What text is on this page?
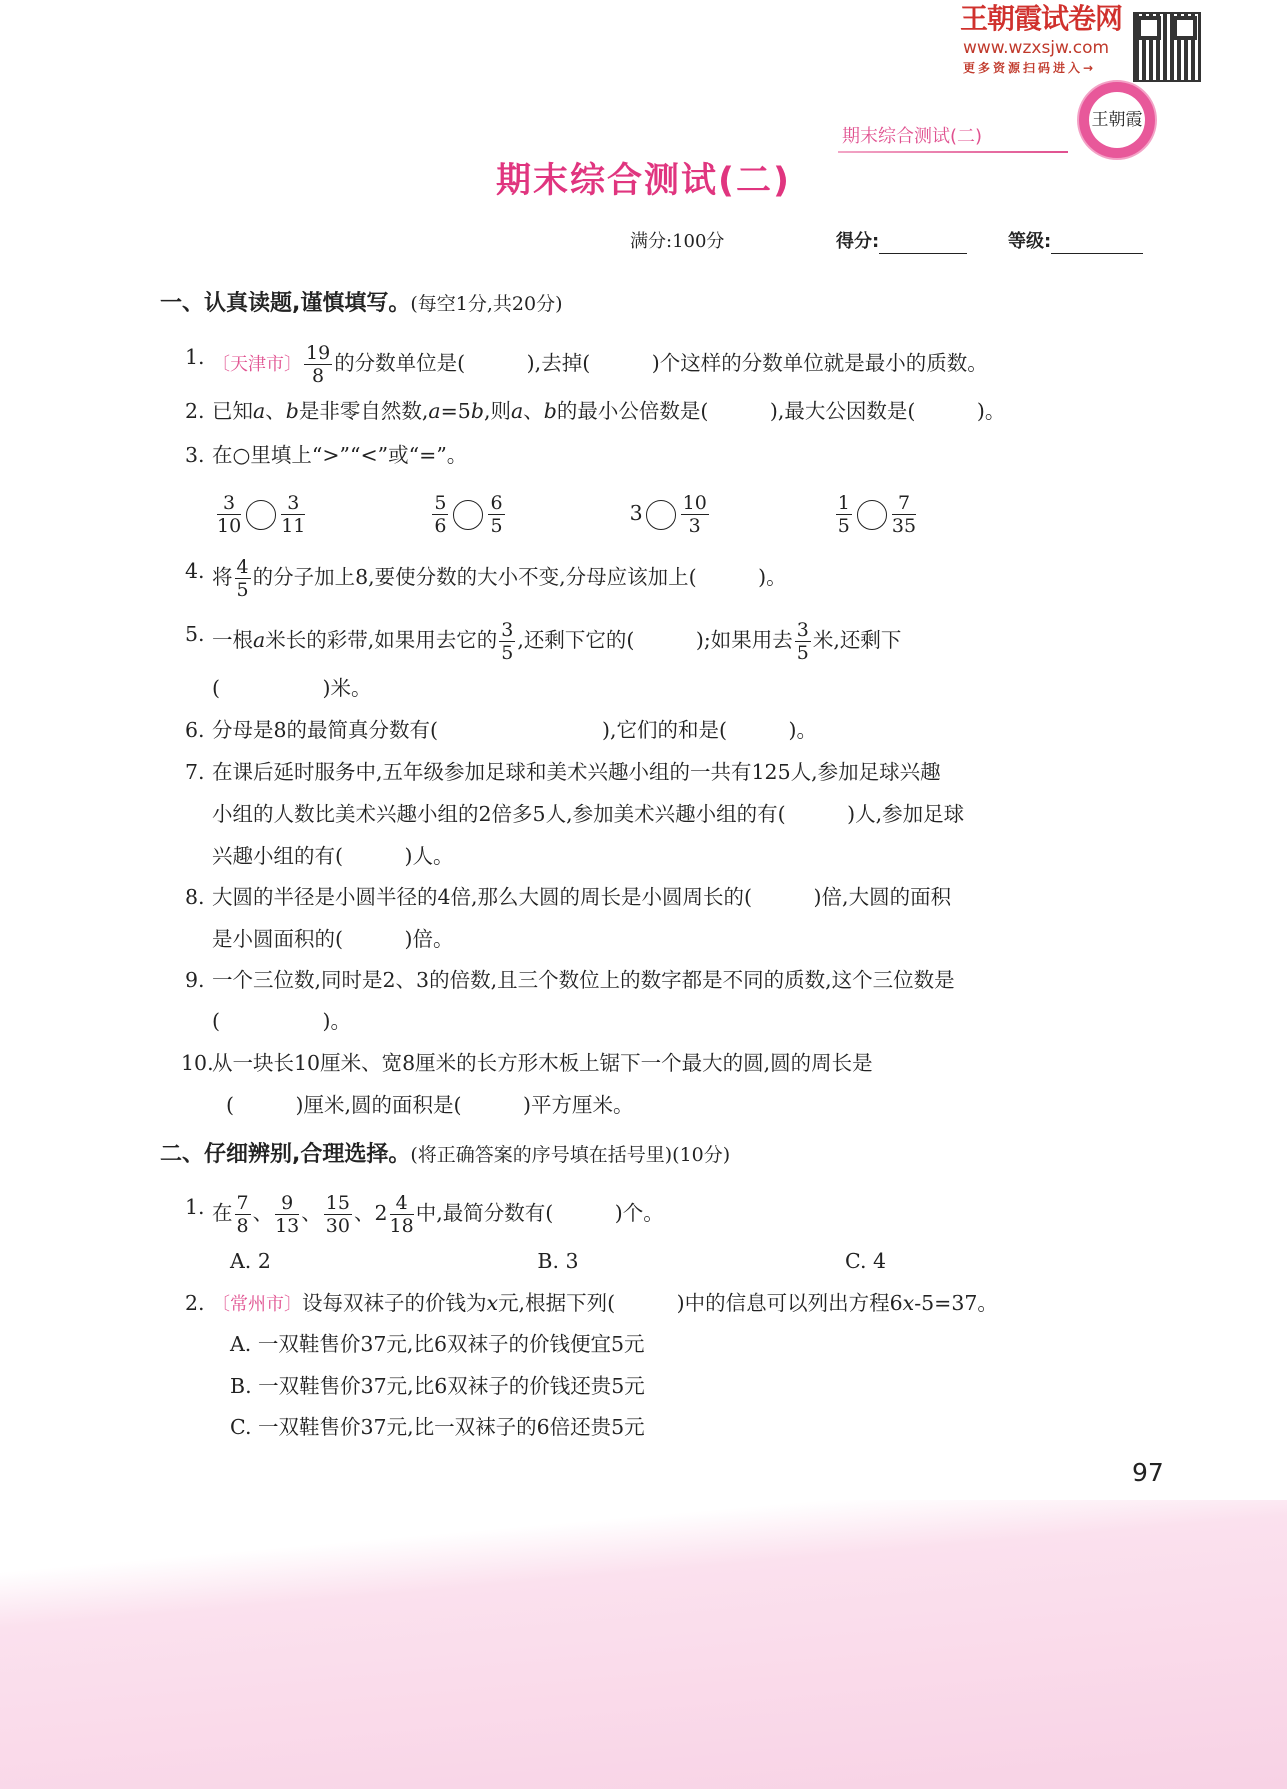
王朝霞试卷网
www.wzxsjw.com
更多资源扫码进入→
王朝霞
期末综合测试(二)
期末综合测试(二)
满分:100分	得分:	等级:
一、认真读题,谨慎填写。(每空1分,共20分)
二、仔细辨别,合理选择。(将正确答案的序号填在括号里)(10分)
97
1. 〔天津市〕 $\frac{19}{8}$ 的分数单位是(　　　),去掉(　　　)个这样的分数单位就是最小的质数。
2. 已知a、b是非零自然数,a=5b,则a、b的最小公倍数是(　　　),最大公因数是(　　　)。
3. 在○里填上“>”“<”或“=”。
$\frac{3}{10} \frac{3}{11}$
　　　　　　	$\frac{5}{6} \frac{6}{5}$
　　　　　　	$3 \frac{10}{3}$
　　　　　　	$\frac{1}{5} \frac{7}{35}$
4. 将 $\frac{4}{5}$ 的分子加上8,要使分数的大小不变,分母应该加上(　　　)。
5. 一根a米长的彩带,如果用去它的 $\frac{3}{5}$ ,还剩下它的(　　　);如果用去 $\frac{3}{5}$ 米,还剩下
(　　　　　)米。
6. 分母是8的最简真分数有(　　　　　　　　),它们的和是(　　　)。
7. 在课后延时服务中,五年级参加足球和美术兴趣小组的一共有125人,参加足球兴趣
小组的人数比美术兴趣小组的2倍多5人,参加美术兴趣小组的有(　　　)人,参加足球
兴趣小组的有(　　　)人。
8. 大圆的半径是小圆半径的4倍,那么大圆的周长是小圆周长的(　　　)倍,大圆的面积
是小圆面积的(　　　)倍。
9. 一个三位数,同时是2、3的倍数,且三个数位上的数字都是不同的质数,这个三位数是
(　　　　　)。
10.
从一块长10厘米、宽8厘米的长方形木板上锯下一个最大的圆,圆的周长是
(　　　)厘米,圆的面积是(　　　)平方厘米。
1. 在 $\frac{7}{8}$ 、 $\frac{9}{13}$ 、 $\frac{15}{30}$ 、$2 \frac{4}{18}$ 中,最简分数有(　　　)个。
A. 2　　　　　　　　　　　　　B. 3　　　　　　　　　　　　　C. 4
2. 〔常州市〕设每双袜子的价钱为x元,根据下列(　　　)中的信息可以列出方程6x-5=37。
A. 一双鞋售价37元,比6双袜子的价钱便宜5元
B. 一双鞋售价37元,比6双袜子的价钱还贵5元
C. 一双鞋售价37元,比一双袜子的6倍还贵5元
